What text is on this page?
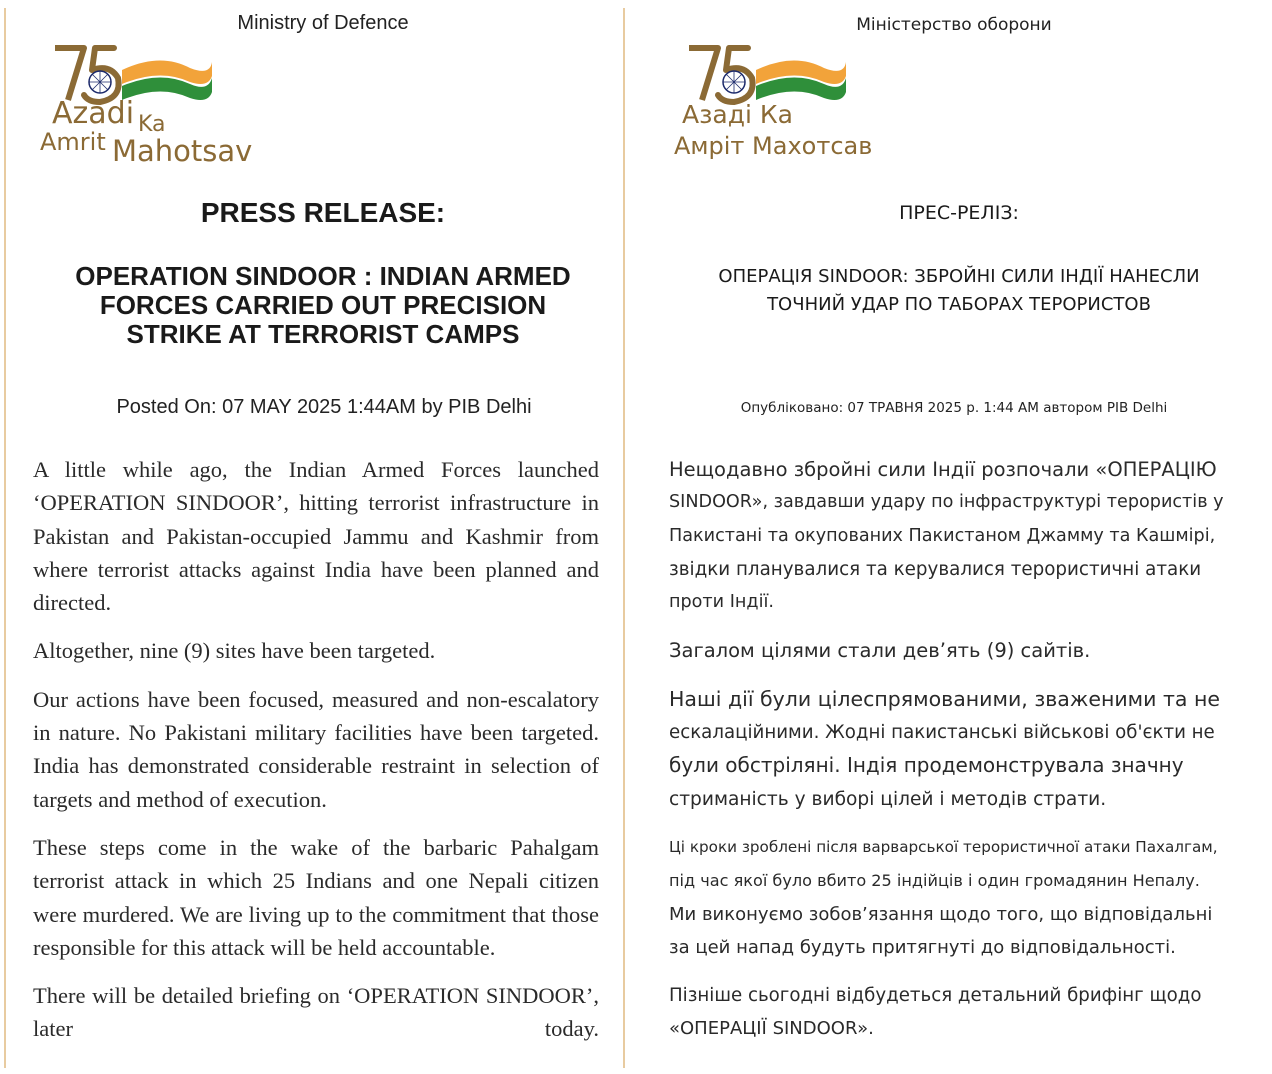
Ministry of Defence
Azadi Ka
Amrit Mahotsav
PRESS RELEASE:
OPERATION SINDOOR : INDIAN ARMED
FORCES CARRIED OUT PRECISION
STRIKE AT TERRORIST CAMPS
Posted On: 07 MAY 2025 1:44AM by PIB Delhi

A little while ago, the Indian Armed Forces launched ‘OPERATION SINDOOR’, hitting terrorist infrastructure in Pakistan and Pakistan-occupied Jammu and Kashmir from where terrorist attacks against India have been planned and directed.

Altogether, nine (9) sites have been targeted.

Our actions have been focused, measured and non-escalatory in nature. No Pakistani military facilities have been targeted. India has demonstrated considerable restraint in selection of targets and method of execution.

These steps come in the wake of the barbaric Pahalgam terrorist attack in which 25 Indians and one Nepali citizen were murdered. We are living up to the commitment that those responsible for this attack will be held accountable.

There will be detailed briefing on ‘OPERATION SINDOOR’, later today.

Міністерство оборони
Азаді Ка
Амріт Махотсав
ПРЕС-РЕЛІЗ:
ОПЕРАЦІЯ SINDOOR: ЗБРОЙНІ СИЛИ ІНДІЇ НАНЕСЛИ
ТОЧНИЙ УДАР ПО ТАБОРАХ ТЕРОРИСТОВ
Опубліковано: 07 ТРАВНЯ 2025 р. 1:44 AM автором PIB Delhi

Нещодавно збройні сили Індії розпочали «ОПЕРАЦІЮ
SINDOOR», завдавши удару по інфраструктурі терористів у
Пакистані та окупованих Пакистаном Джамму та Кашмірі,
звідки планувалися та керувалися терористичні атаки
проти Індії.

Загалом цілями стали дев’ять (9) сайтів.

Наші дії були цілеспрямованими, зваженими та не
ескалаційними. Жодні пакистанські військові об'єкти не
були обстріляні. Індія продемонструвала значну
стриманість у виборі цілей і методів страти.

Ці кроки зроблені після варварської терористичної атаки Пахалгам,
під час якої було вбито 25 індійців і один громадянин Непалу.
Ми виконуємо зобов’язання щодо того, що відповідальні
за цей напад будуть притягнуті до відповідальності.

Пізніше сьогодні відбудеться детальний брифінг щодо
«ОПЕРАЦІЇ SINDOOR».
